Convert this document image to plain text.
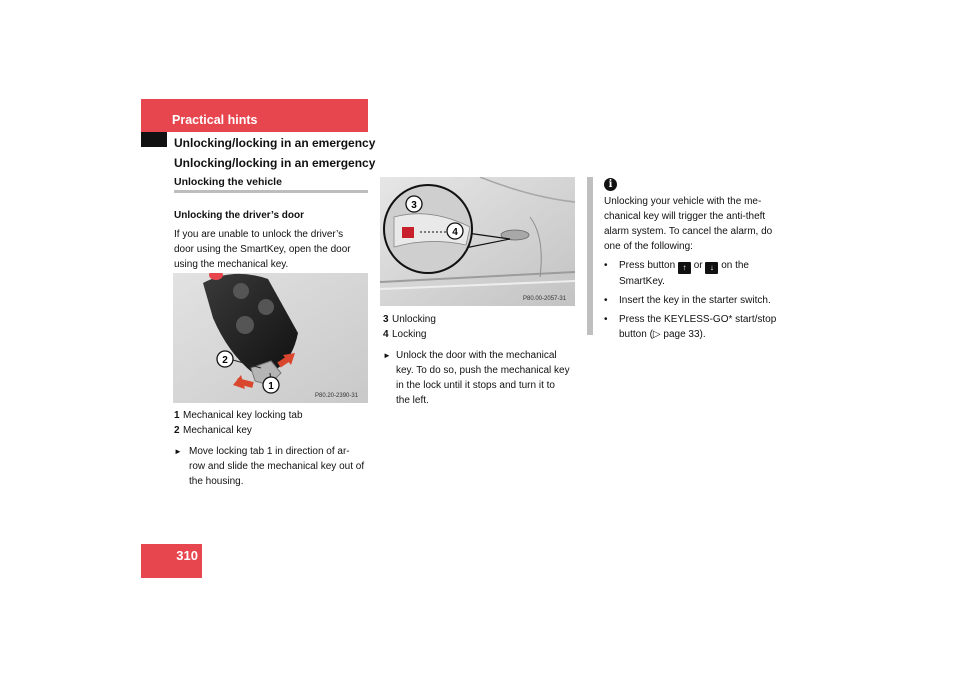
Practical hints
Unlocking/locking in an emergency
Unlocking/locking in an emergency
Unlocking the vehicle
Unlocking the driver’s door
If you are unable to unlock the driver’s
door using the SmartKey, open the door
using the mechanical key.
2
1
P80.20-2390-31
1 Mechanical key locking tab
2 Mechanical key
► Move locking tab 1 in direction of ar-
row and slide the mechanical key out of
the housing.
3
4
P80.00-2057-31
3 Unlocking
4 Locking
► Unlock the door with the mechanical
key. To do so, push the mechanical key
in the lock until it stops and turn it to
the left.
i
Unlocking your vehicle with the me-
chanical key will trigger the anti-theft
alarm system. To cancel the alarm, do
one of the following:
• Press button ↑ or ↓ on the
SmartKey.
• Insert the key in the starter switch.
• Press the KEYLESS-GO* start/stop
button (▷ page 33).
310
